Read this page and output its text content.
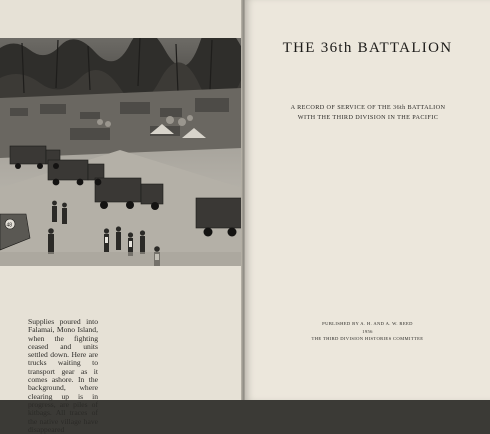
48
Supplies poured into Falamai, Mono Island, when the fighting ceased and units settled down. Here are trucks waiting to transport gear as it comes ashore. In the background, where clearing up is in progress, are piles of kitbags. All traces of the native village have disappeared
THE 36th BATTALION
A RECORD OF SERVICE OF THE 36th BATTALION
WITH THE THIRD DIVISION IN THE PACIFIC
PUBLISHED BY A. H. AND A. W. REED
1956
THE THIRD DIVISION HISTORIES COMMITTEE
